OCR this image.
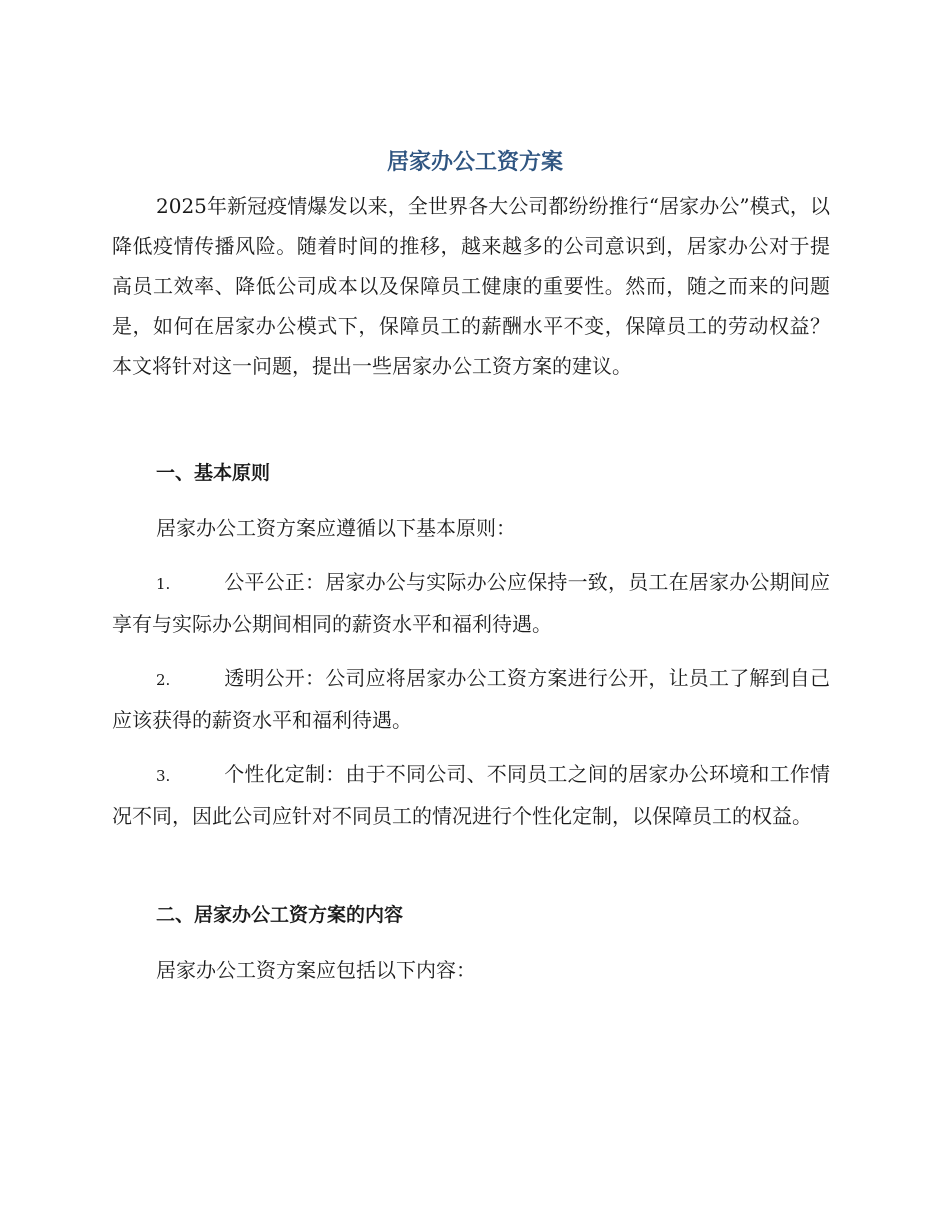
居家办公工资方案

2025年新冠疫情爆发以来，全世界各大公司都纷纷推行“居家办公”模式，以降低疫情传播风险。随着时间的推移，越来越多的公司意识到，居家办公对于提高员工效率、降低公司成本以及保障员工健康的重要性。然而，随之而来的问题是，如何在居家办公模式下，保障员工的薪酬水平不变，保障员工的劳动权益？本文将针对这一问题，提出一些居家办公工资方案的建议。

一、基本原则

居家办公工资方案应遵循以下基本原则：

1.	公平公正：居家办公与实际办公应保持一致，员工在居家办公期间应享有与实际办公期间相同的薪资水平和福利待遇。

2.	透明公开：公司应将居家办公工资方案进行公开，让员工了解到自己应该获得的薪资水平和福利待遇。

3.	个性化定制：由于不同公司、不同员工之间的居家办公环境和工作情况不同，因此公司应针对不同员工的情况进行个性化定制，以保障员工的权益。

二、居家办公工资方案的内容

居家办公工资方案应包括以下内容：
